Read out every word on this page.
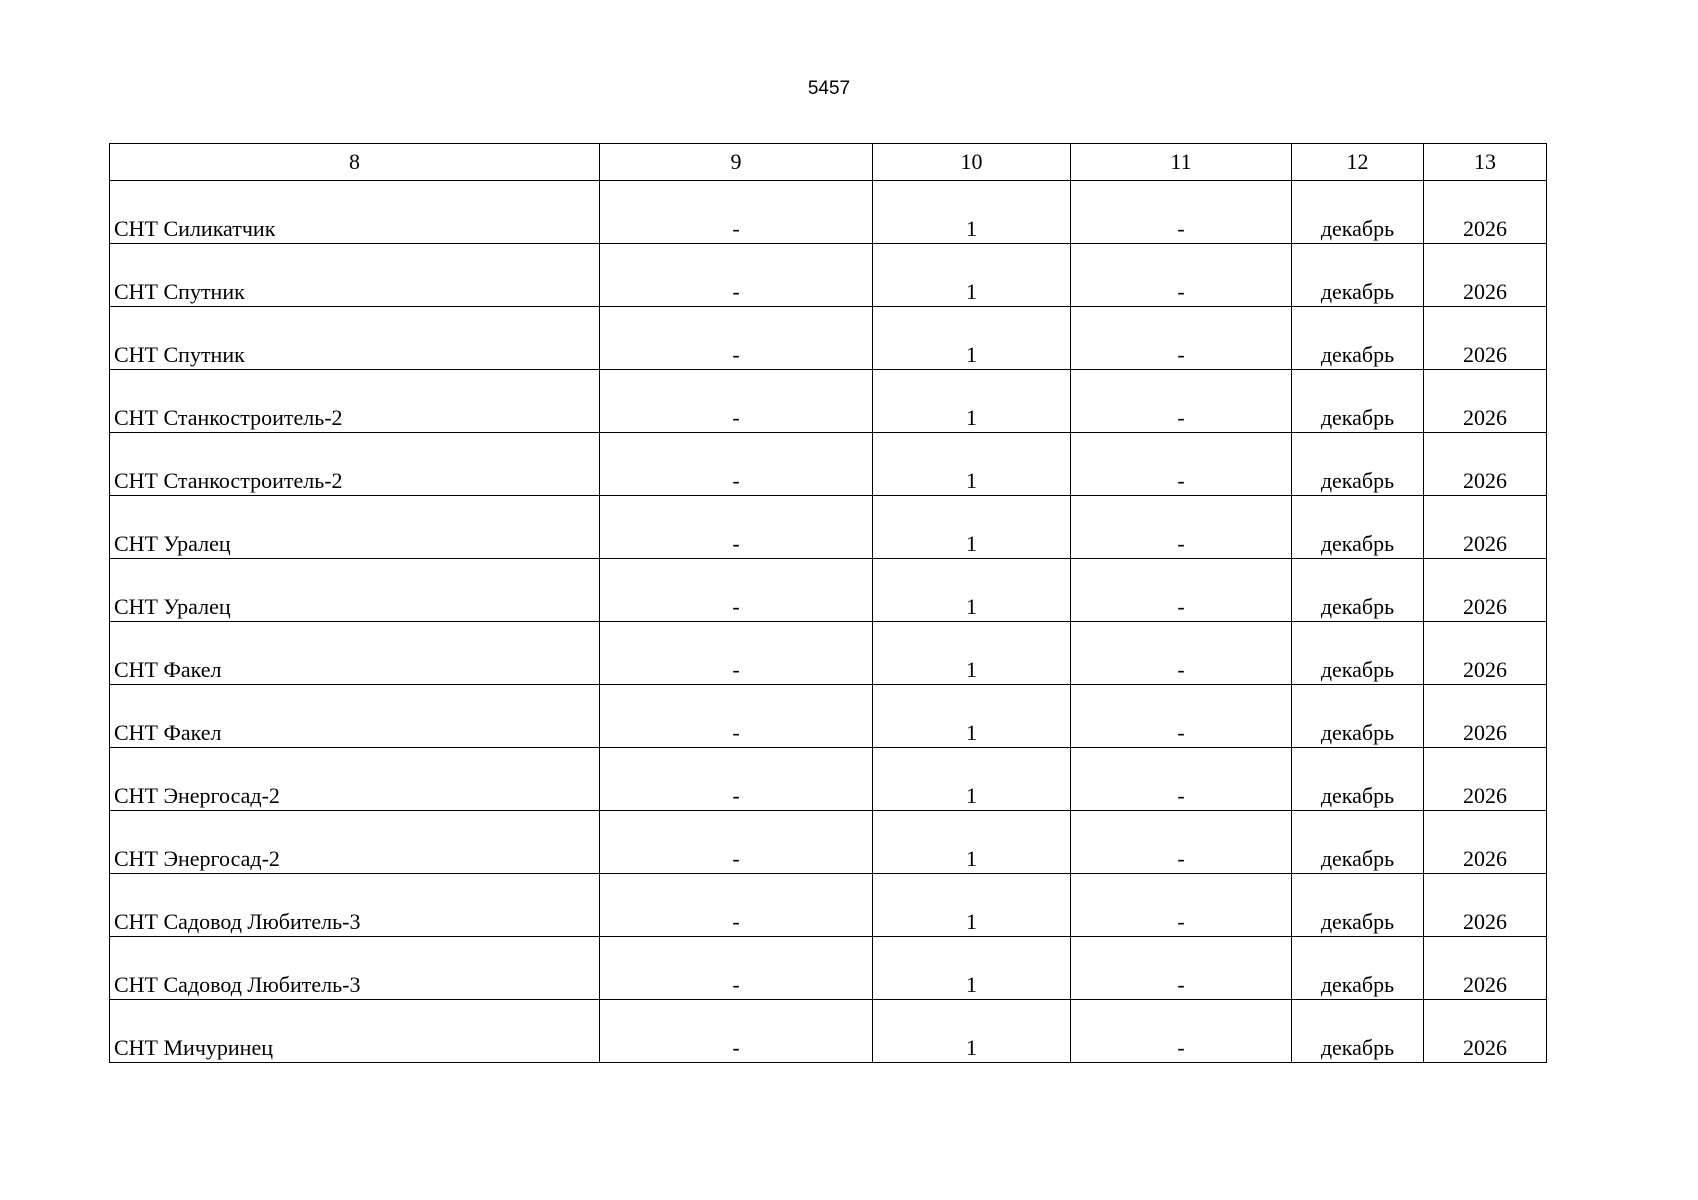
5457
8	9	10	11	12	13
СНТ Силикатчик	-	1	-	декабрь	2026
СНТ Спутник	-	1	-	декабрь	2026
СНТ Спутник	-	1	-	декабрь	2026
СНТ Станкостроитель-2	-	1	-	декабрь	2026
СНТ Станкостроитель-2	-	1	-	декабрь	2026
СНТ Уралец	-	1	-	декабрь	2026
СНТ Уралец	-	1	-	декабрь	2026
СНТ Факел	-	1	-	декабрь	2026
СНТ Факел	-	1	-	декабрь	2026
СНТ Энергосад-2	-	1	-	декабрь	2026
СНТ Энергосад-2	-	1	-	декабрь	2026
СНТ Садовод Любитель-3	-	1	-	декабрь	2026
СНТ Садовод Любитель-3	-	1	-	декабрь	2026
СНТ Мичуринец	-	1	-	декабрь	2026
